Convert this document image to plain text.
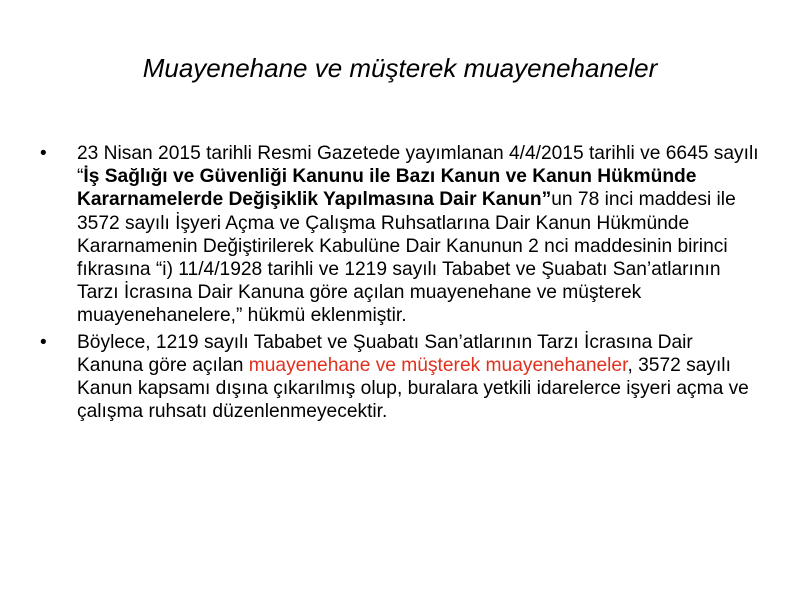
Muayenehane ve müşterek muayenehaneler
•	23 Nisan 2015 tarihli Resmi Gazetede yayımlanan 4/4/2015 tarihli ve 6645 sayılı “İş Sağlığı ve Güvenliği Kanunu ile Bazı Kanun ve Kanun Hükmünde Kararnamelerde Değişiklik Yapılmasına Dair Kanun”un 78 inci maddesi ile 3572 sayılı İşyeri Açma ve Çalışma Ruhsatlarına Dair Kanun Hükmünde Kararnamenin Değiştirilerek Kabulüne Dair Kanunun 2 nci maddesinin birinci fıkrasına “i) 11/4/1928 tarihli ve 1219 sayılı Tababet ve Şuabatı San’atlarının Tarzı İcrasına Dair Kanuna göre açılan muayenehane ve müşterek muayenehanelere,” hükmü eklenmiştir.
•	Böylece, 1219 sayılı Tababet ve Şuabatı San’atlarının Tarzı İcrasına Dair Kanuna göre açılan muayenehane ve müşterek muayenehaneler, 3572 sayılı Kanun kapsamı dışına çıkarılmış olup, buralara yetkili idarelerce işyeri açma ve çalışma ruhsatı düzenlenmeyecektir.
